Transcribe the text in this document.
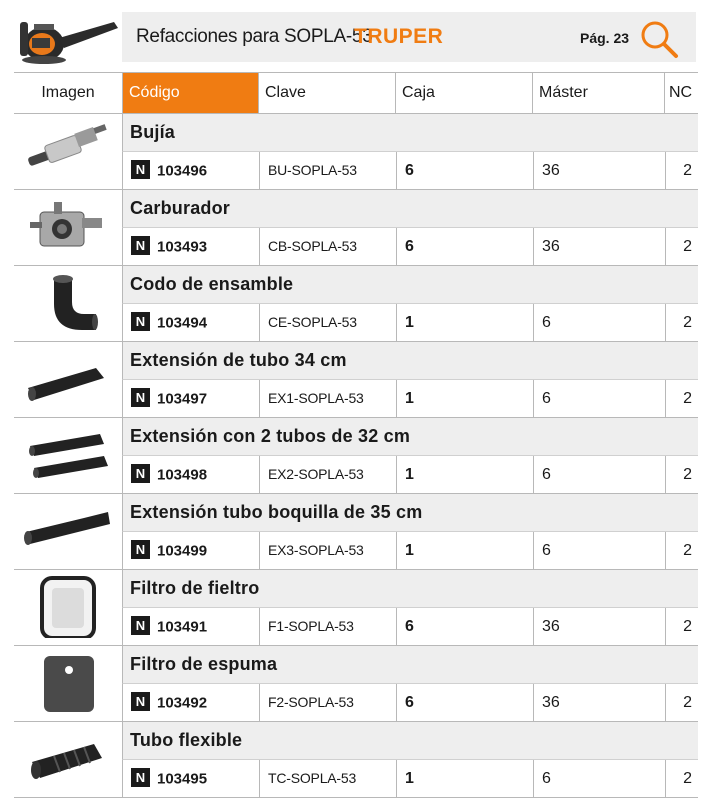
Refacciones para SOPLA-53
TRUPER	Pág. 23
Imagen	Código	Clave	Caja	Máster	NC
Bujía
N 103496	BU-SOPLA-53	6	36	2
Carburador
N 103493	CB-SOPLA-53	6	36	2
Codo de ensamble
N 103494	CE-SOPLA-53	1	6	2
Extensión de tubo 34 cm
N 103497	EX1-SOPLA-53	1	6	2
Extensión con 2 tubos de 32 cm
N 103498	EX2-SOPLA-53	1	6	2
Extensión tubo boquilla de 35 cm
N 103499	EX3-SOPLA-53	1	6	2
Filtro de fieltro
N 103491	F1-SOPLA-53	6	36	2
Filtro de espuma
N 103492	F2-SOPLA-53	6	36	2
Tubo flexible
N 103495	TC-SOPLA-53	1	6	2
